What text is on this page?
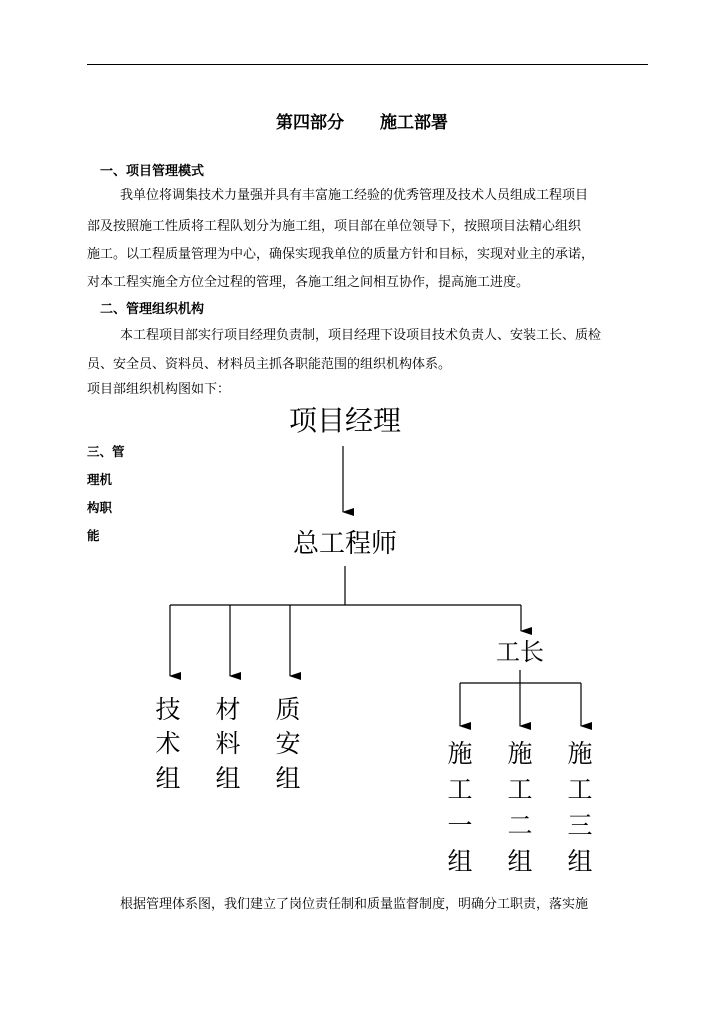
第四部分 施工部署
一、项目管理模式
我单位将调集技术力量强并具有丰富施工经验的优秀管理及技术人员组成工程项目
部及按照施工性质将工程队划分为施工组，项目部在单位领导下，按照项目法精心组织
施工。以工程质量管理为中心，确保实现我单位的质量方针和目标，实现对业主的承诺，
对本工程实施全方位全过程的管理，各施工组之间相互协作，提高施工进度。
二、管理组织机构
本工程项目部实行项目经理负责制，项目经理下设项目技术负责人、安装工长、质检
员、安全员、资料员、材料员主抓各职能范围的组织机构体系。
项目部组织机构图如下：
三、管
理机
构职
能
项目经理
总工程师
工长
技
术
组
材
料
组
质
安
组
施
工
一
组
施
工
二
组
施
工
三
组
根据管理体系图，我们建立了岗位责任制和质量监督制度，明确分工职责，落实施
